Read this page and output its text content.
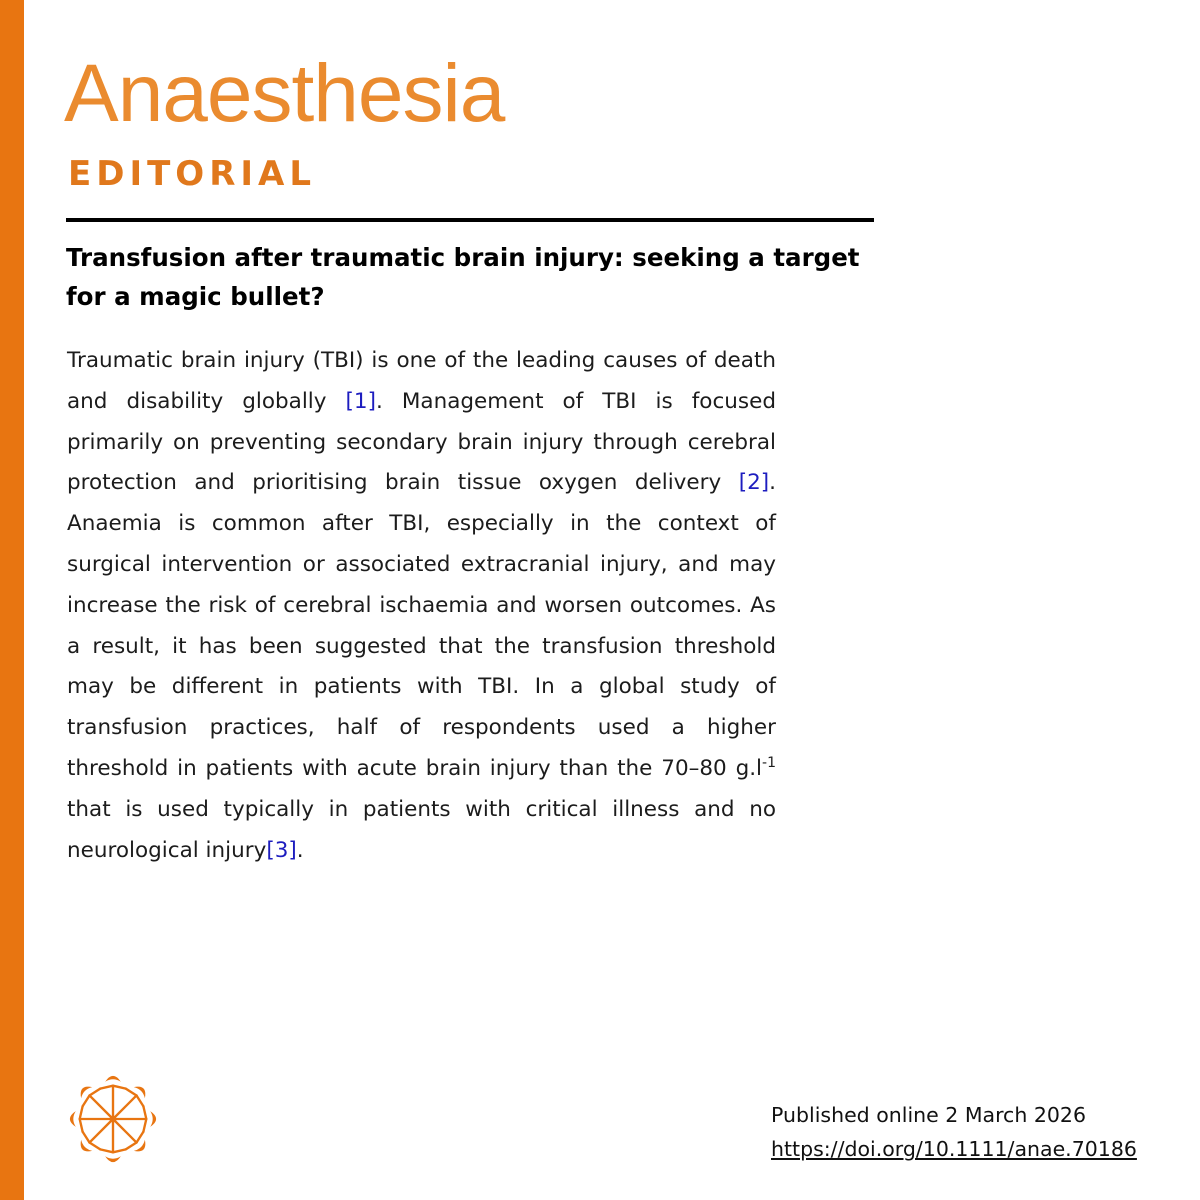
Anaesthesia
EDITORIAL
Transfusion after traumatic brain injury: seeking a target for a magic bullet?

Traumatic brain injury (TBI) is one of the leading causes of death and disability globally [1]. Management of TBI is focused primarily on preventing secondary brain injury through cerebral protection and prioritising brain tissue oxygen delivery [2]. Anaemia is common after TBI, especially in the context of surgical intervention or associated extracranial injury, and may increase the risk of cerebral ischaemia and worsen outcomes. As a result, it has been suggested that the transfusion threshold may be different in patients with TBI. In a global study of transfusion practices, half of respondents used a higher threshold in patients with acute brain injury than the 70–80 $g.l^{-1}$ that is used typically in patients with critical illness and no neurological injury[3].

Published online 2 March 2026
https://doi.org/10.1111/anae.70186
